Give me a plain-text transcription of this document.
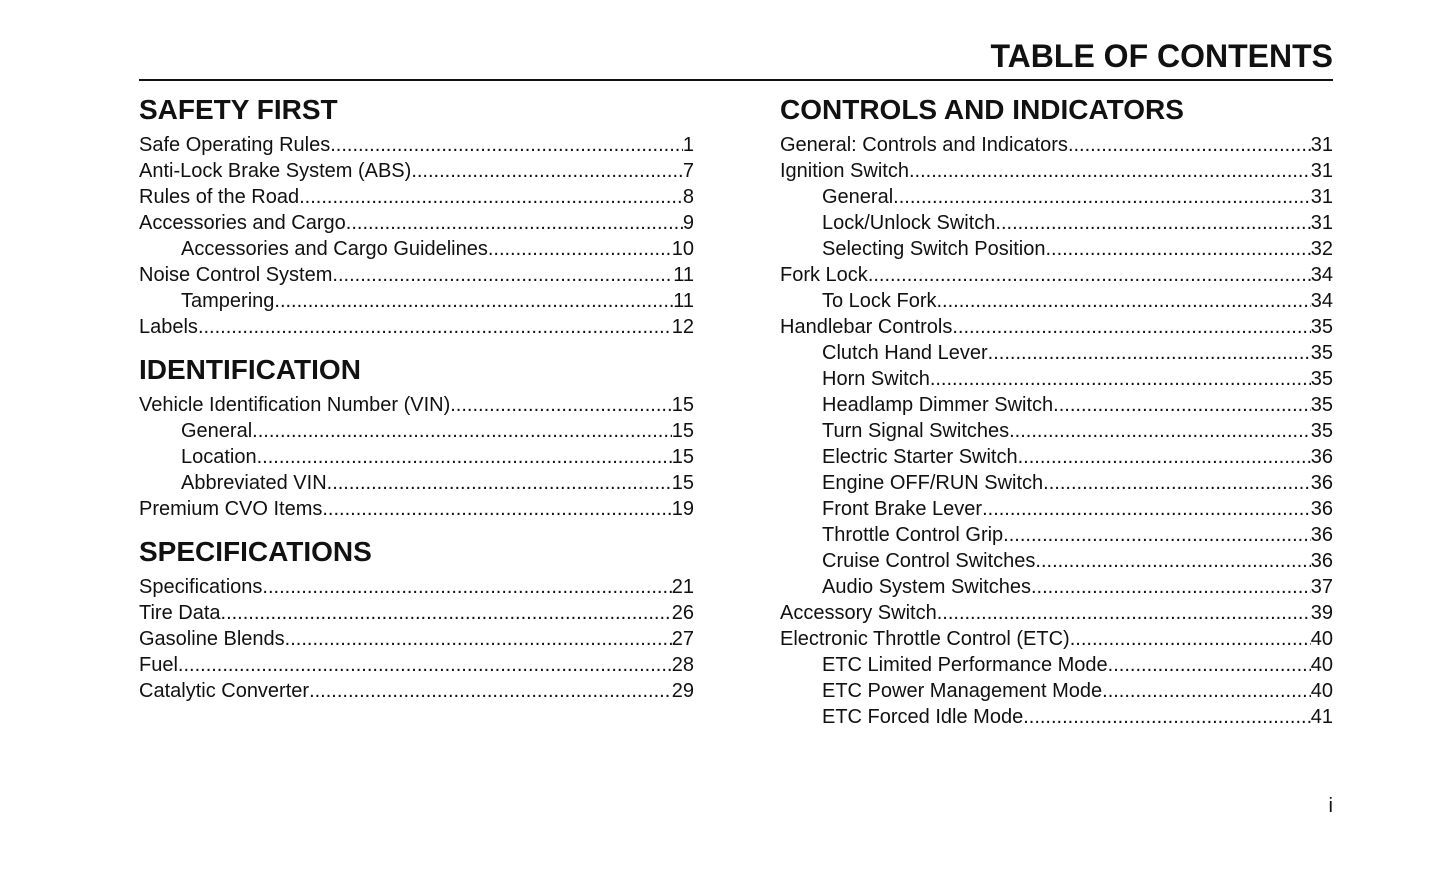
TABLE OF CONTENTS
SAFETY FIRST
Safe Operating Rules .....	1
Anti-Lock Brake System (ABS) .....	7
Rules of the Road .....	8
Accessories and Cargo .....	9
Accessories and Cargo Guidelines .....	10
Noise Control System .....	11
Tampering .....	11
Labels .....	12
IDENTIFICATION
Vehicle Identification Number (VIN) .....	15
General .....	15
Location .....	15
Abbreviated VIN .....	15
Premium CVO Items .....	19
SPECIFICATIONS
Specifications .....	21
Tire Data .....	26
Gasoline Blends .....	27
Fuel .....	28
Catalytic Converter .....	29
CONTROLS AND INDICATORS
General: Controls and Indicators .....	31
Ignition Switch .....	31
General .....	31
Lock/Unlock Switch .....	31
Selecting Switch Position .....	32
Fork Lock .....	34
To Lock Fork .....	34
Handlebar Controls .....	35
Clutch Hand Lever .....	35
Horn Switch .....	35
Headlamp Dimmer Switch .....	35
Turn Signal Switches .....	35
Electric Starter Switch .....	36
Engine OFF/RUN Switch .....	36
Front Brake Lever .....	36
Throttle Control Grip .....	36
Cruise Control Switches .....	36
Audio System Switches .....	37
Accessory Switch .....	39
Electronic Throttle Control (ETC) .....	40
ETC Limited Performance Mode .....	40
ETC Power Management Mode .....	40
ETC Forced Idle Mode .....	41
i
